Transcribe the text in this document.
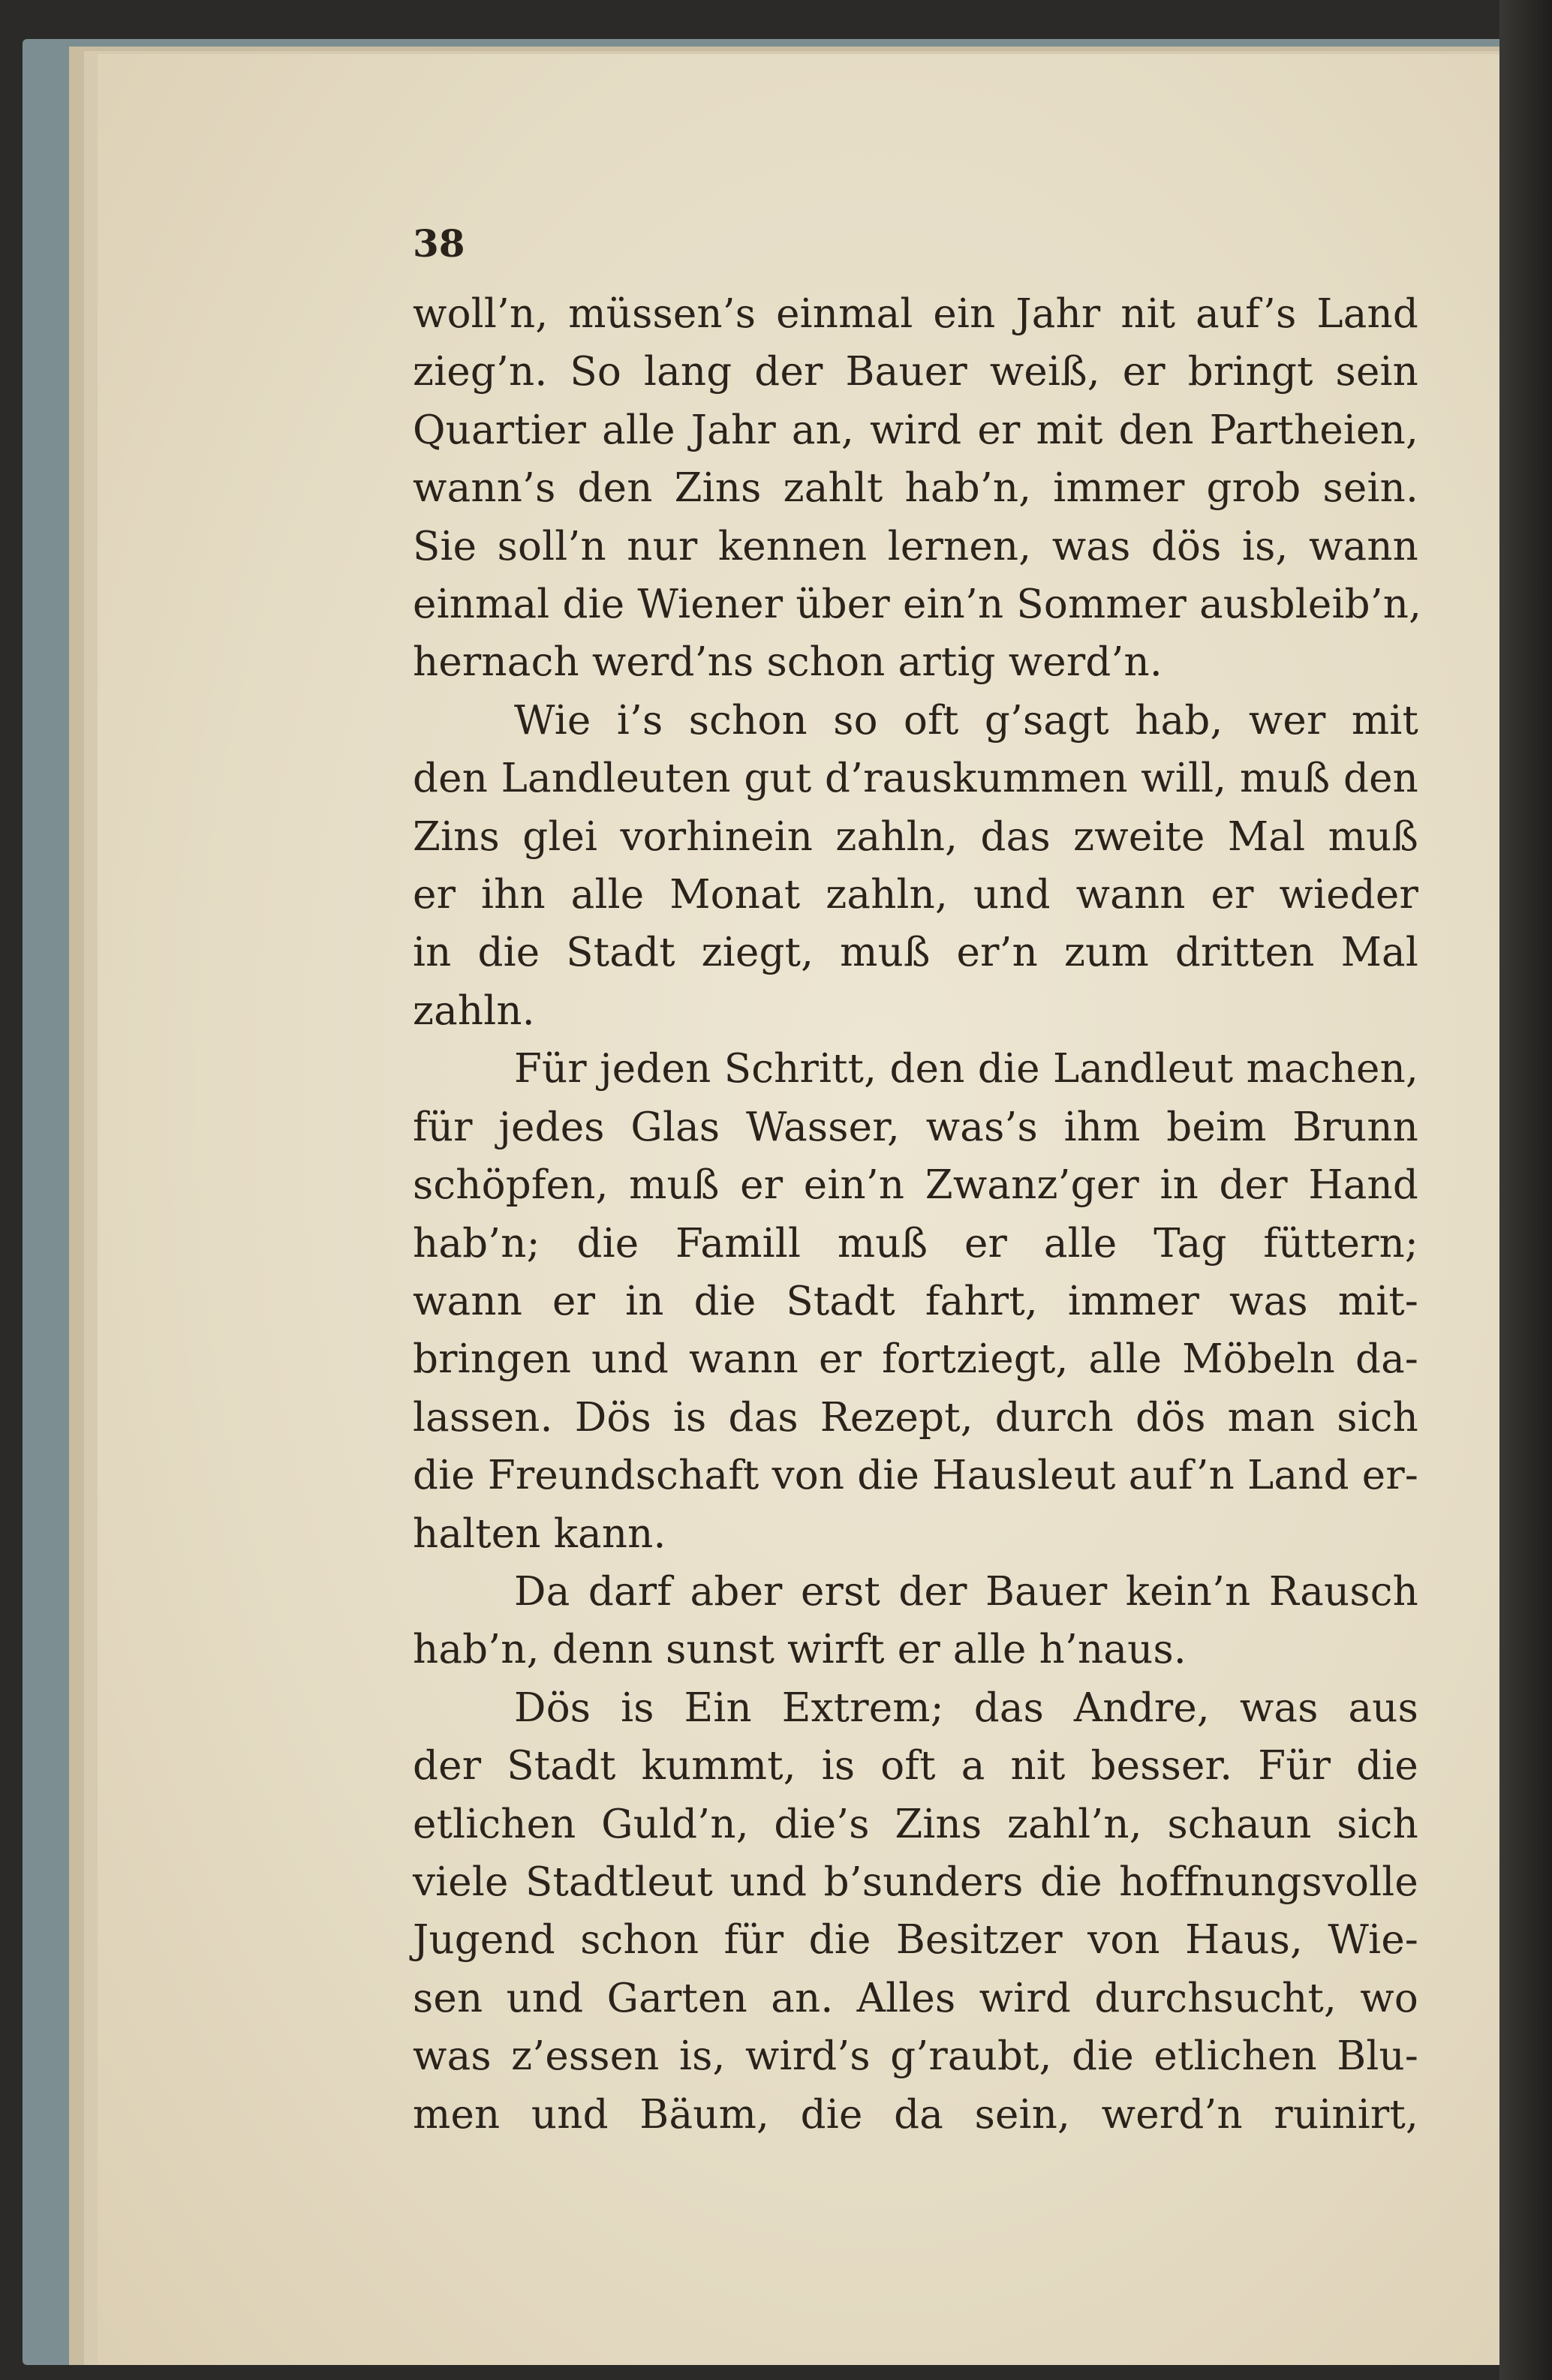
38
woll’n, müssen’s einmal ein Jahr nit auf’s Land
zieg’n. So lang der Bauer weiß, er bringt sein
Quartier alle Jahr an, wird er mit den Partheien,
wann’s den Zins zahlt hab’n, immer grob sein.
Sie soll’n nur kennen lernen, was dös is, wann
einmal die Wiener über ein’n Sommer ausbleib’n,
hernach werd’ns schon artig werd’n.
Wie i’s schon so oft g’sagt hab, wer mit
den Landleuten gut d’rauskummen will, muß den
Zins glei vorhinein zahln, das zweite Mal muß
er ihn alle Monat zahln, und wann er wieder
in die Stadt ziegt, muß er’n zum dritten Mal
zahln.
Für jeden Schritt, den die Landleut machen,
für jedes Glas Wasser, was’s ihm beim Brunn
schöpfen, muß er ein’n Zwanz’ger in der Hand
hab’n; die Famill muß er alle Tag füttern;
wann er in die Stadt fahrt, immer was mit-
bringen und wann er fortziegt, alle Möbeln da-
lassen. Dös is das Rezept, durch dös man sich
die Freundschaft von die Hausleut auf’n Land er-
halten kann.
Da darf aber erst der Bauer kein’n Rausch
hab’n, denn sunst wirft er alle h’naus.
Dös is Ein Extrem; das Andre, was aus
der Stadt kummt, is oft a nit besser. Für die
etlichen Guld’n, die’s Zins zahl’n, schaun sich
viele Stadtleut und b’sunders die hoffnungsvolle
Jugend schon für die Besitzer von Haus, Wie-
sen und Garten an. Alles wird durchsucht, wo
was z’essen is, wird’s g’raubt, die etlichen Blu-
men und Bäum, die da sein, werd’n ruinirt,
